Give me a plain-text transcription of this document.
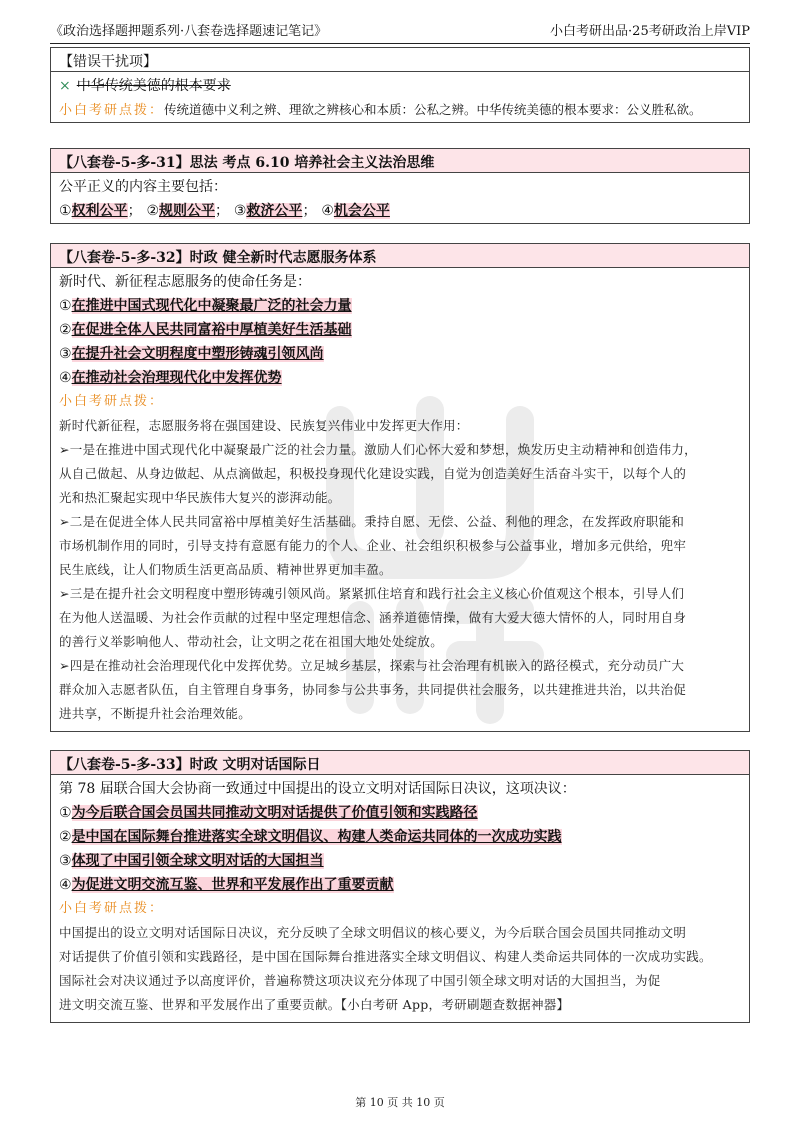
《政治选择题押题系列·八套卷选择题速记笔记》	小白考研出品·25考研政治上岸VIP
【错误干扰项】
× 中华传统美德的根本要求
小白考研点拨：传统道德中义利之辨、理欲之辨核心和本质：公私之辨。中华传统美德的根本要求：公义胜私欲。
【八套卷-5-多-31】思法 考点 6.10 培养社会主义法治思维
公平正义的内容主要包括：
①权利公平； ②规则公平； ③救济公平； ④机会公平
【八套卷-5-多-32】时政 健全新时代志愿服务体系
新时代、新征程志愿服务的使命任务是：
①在推进中国式现代化中凝聚最广泛的社会力量
②在促进全体人民共同富裕中厚植美好生活基础
③在提升社会文明程度中塑形铸魂引领风尚
④在推动社会治理现代化中发挥优势
小白考研点拨：
新时代新征程，志愿服务将在强国建设、民族复兴伟业中发挥更大作用：
➢一是在推进中国式现代化中凝聚最广泛的社会力量。激励人们心怀大爱和梦想，焕发历史主动精神和创造伟力，
从自己做起、从身边做起、从点滴做起，积极投身现代化建设实践，自觉为创造美好生活奋斗实干，以每个人的
光和热汇聚起实现中华民族伟大复兴的澎湃动能。
➢二是在促进全体人民共同富裕中厚植美好生活基础。秉持自愿、无偿、公益、利他的理念，在发挥政府职能和
市场机制作用的同时，引导支持有意愿有能力的个人、企业、社会组织积极参与公益事业，增加多元供给，兜牢
民生底线，让人们物质生活更高品质、精神世界更加丰盈。
➢三是在提升社会文明程度中塑形铸魂引领风尚。紧紧抓住培育和践行社会主义核心价值观这个根本，引导人们
在为他人送温暖、为社会作贡献的过程中坚定理想信念、涵养道德情操，做有大爱大德大情怀的人，同时用自身
的善行义举影响他人、带动社会，让文明之花在祖国大地处处绽放。
➢四是在推动社会治理现代化中发挥优势。立足城乡基层，探索与社会治理有机嵌入的路径模式，充分动员广大
群众加入志愿者队伍，自主管理自身事务，协同参与公共事务，共同提供社会服务，以共建推进共治，以共治促
进共享，不断提升社会治理效能。
【八套卷-5-多-33】时政 文明对话国际日
第 78 届联合国大会协商一致通过中国提出的设立文明对话国际日决议，这项决议：
①为今后联合国会员国共同推动文明对话提供了价值引领和实践路径
②是中国在国际舞台推进落实全球文明倡议、构建人类命运共同体的一次成功实践
③体现了中国引领全球文明对话的大国担当
④为促进文明交流互鉴、世界和平发展作出了重要贡献
小白考研点拨：
中国提出的设立文明对话国际日决议，充分反映了全球文明倡议的核心要义，为今后联合国会员国共同推动文明
对话提供了价值引领和实践路径，是中国在国际舞台推进落实全球文明倡议、构建人类命运共同体的一次成功实践。
国际社会对决议通过予以高度评价，普遍称赞这项决议充分体现了中国引领全球文明对话的大国担当，为促
进文明交流互鉴、世界和平发展作出了重要贡献。【小白考研 App，考研刷题查数据神器】
第 10 页 共 10 页
